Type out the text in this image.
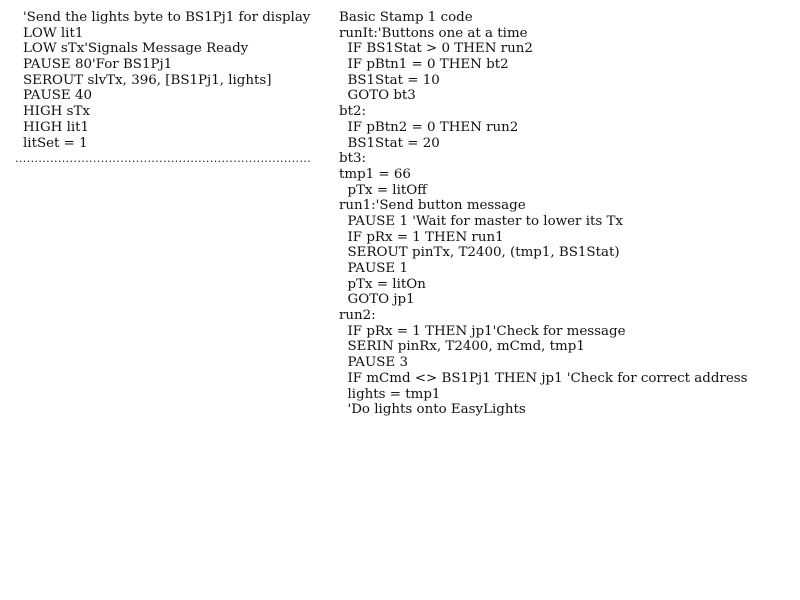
'Send the lights byte to BS1Pj1 for display
LOW lit1
LOW sTx'Signals Message Ready
PAUSE 80'For BS1Pj1
SEROUT slvTx, 396, [BS1Pj1, lights]
PAUSE 40
HIGH sTx
HIGH lit1
litSet = 1
............................................................................
Basic Stamp 1 code
runIt:'Buttons one at a time
IF BS1Stat > 0 THEN run2
IF pBtn1 = 0 THEN bt2
BS1Stat = 10
GOTO bt3
bt2:
IF pBtn2 = 0 THEN run2
BS1Stat = 20
bt3:
tmp1 = 66
pTx = litOff
run1:'Send button message
PAUSE 1 'Wait for master to lower its Tx
IF pRx = 1 THEN run1
SEROUT pinTx, T2400, (tmp1, BS1Stat)
PAUSE 1
pTx = litOn
GOTO jp1
run2:
IF pRx = 1 THEN jp1'Check for message
SERIN pinRx, T2400, mCmd, tmp1
PAUSE 3
IF mCmd <> BS1Pj1 THEN jp1 'Check for correct address
lights = tmp1
'Do lights onto EasyLights
